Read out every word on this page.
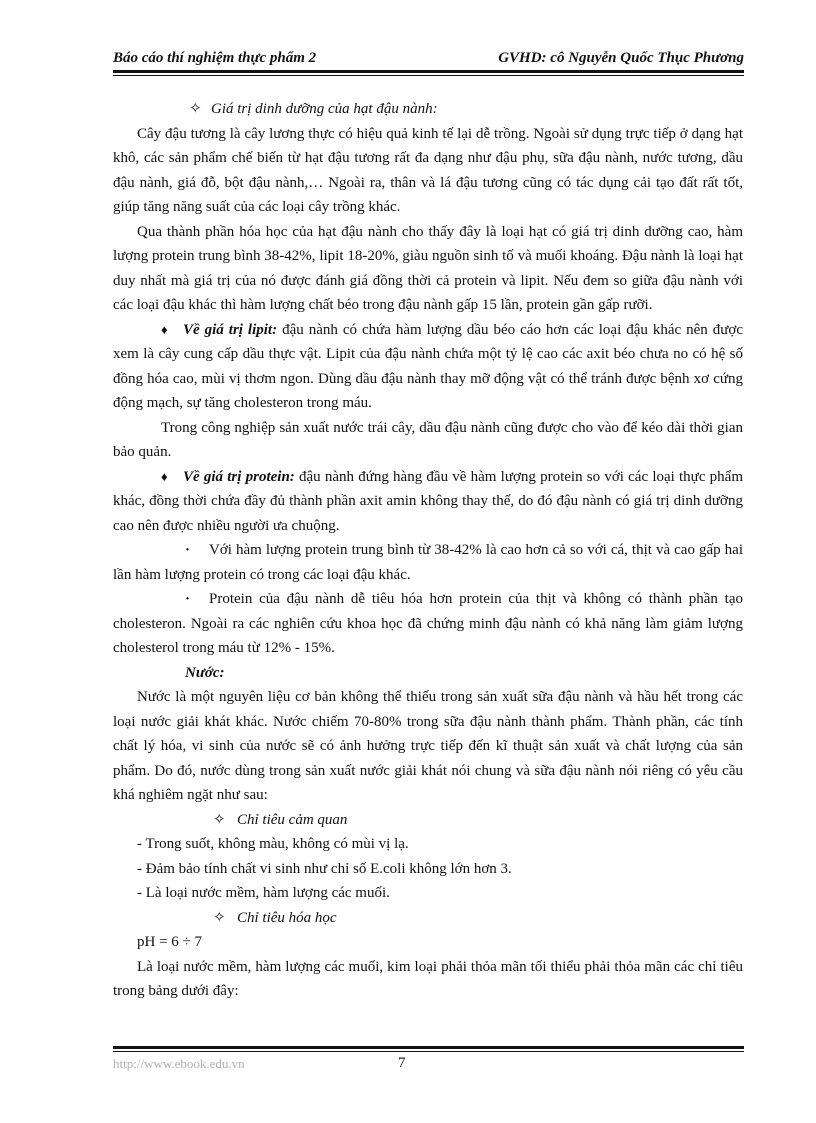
Báo cáo thí nghiệm thực phẩm 2	GVHD: cô Nguyễn Quốc Thục Phương

✧ Giá trị dinh dưỡng của hạt đậu nành:

Cây đậu tương là cây lương thực có hiệu quả kinh tế lại dễ trồng. Ngoài sử dụng trực tiếp ở dạng hạt khô, các sản phẩm chế biến từ hạt đậu tương rất đa dạng như đậu phụ, sữa đậu nành, nước tương, dầu đậu nành, giá đỗ, bột đậu nành,… Ngoài ra, thân và lá đậu tương cũng có tác dụng cải tạo đất rất tốt, giúp tăng năng suất của các loại cây trồng khác.

Qua thành phần hóa học của hạt đậu nành cho thấy đây là loại hạt có giá trị dinh dưỡng cao, hàm lượng protein trung bình 38-42%, lipit 18-20%, giàu nguồn sinh tố và muối khoáng. Đậu nành là loại hạt duy nhất mà giá trị của nó được đánh giá đồng thời cả protein và lipit. Nếu đem so giữa đậu nành với các loại đậu khác thì hàm lượng chất béo trong đậu nành gấp 15 lần, protein gần gấp rưỡi.

♦ Về giá trị lipit: đậu nành có chứa hàm lượng dầu béo cáo hơn các loại đậu khác nên được xem là cây cung cấp dầu thực vật. Lipit của đậu nành chứa một tỷ lệ cao các axit béo chưa no có hệ số đồng hóa cao, mùi vị thơm ngon. Dùng dầu đậu nành thay mỡ động vật có thể tránh được bệnh xơ cứng động mạch, sự tăng cholesteron trong máu.

Trong công nghiệp sản xuất nước trái cây, dầu đậu nành cũng được cho vào để kéo dài thời gian bảo quản.

♦ Về giá trị protein: đậu nành đứng hàng đầu về hàm lượng protein so với các loại thực phẩm khác, đồng thời chứa đầy đủ thành phần axit amin không thay thế, do đó đậu nành có giá trị dinh dưỡng cao nên được nhiều người ưa chuộng.

· Với hàm lượng protein trung bình từ 38-42% là cao hơn cả so với cá, thịt và cao gấp hai lần hàm lượng protein có trong các loại đậu khác.

· Protein của đậu nành dễ tiêu hóa hơn protein của thịt và không có thành phần tạo cholesteron. Ngoài ra các nghiên cứu khoa học đã chứng minh đậu nành có khả năng làm giảm lượng cholesterol trong máu từ 12% - 15%.

Nước:

Nước là một nguyên liệu cơ bản không thể thiếu trong sản xuất sữa đậu nành và hầu hết trong các loại nước giải khát khác. Nước chiếm 70-80% trong sữa đậu nành thành phẩm. Thành phần, các tính chất lý hóa, vi sinh của nước sẽ có ảnh hưởng trực tiếp đến kĩ thuật sản xuất và chất lượng của sản phẩm. Do đó, nước dùng trong sản xuất nước giải khát nói chung và sữa đậu nành nói riêng có yêu cầu khá nghiêm ngặt như sau:

✧ Chỉ tiêu cảm quan

- Trong suốt, không màu, không có mùi vị lạ.

- Đảm bảo tính chất vi sinh như chỉ số E.coli không lớn hơn 3.

- Là loại nước mềm, hàm lượng các muối.

✧ Chỉ tiêu hóa học

pH = 6 ÷ 7

Là loại nước mềm, hàm lượng các muối, kim loại phải thỏa mãn tối thiểu phải thỏa mãn các chỉ tiêu trong bảng dưới đây:

http://www.ebook.edu.vn	7
